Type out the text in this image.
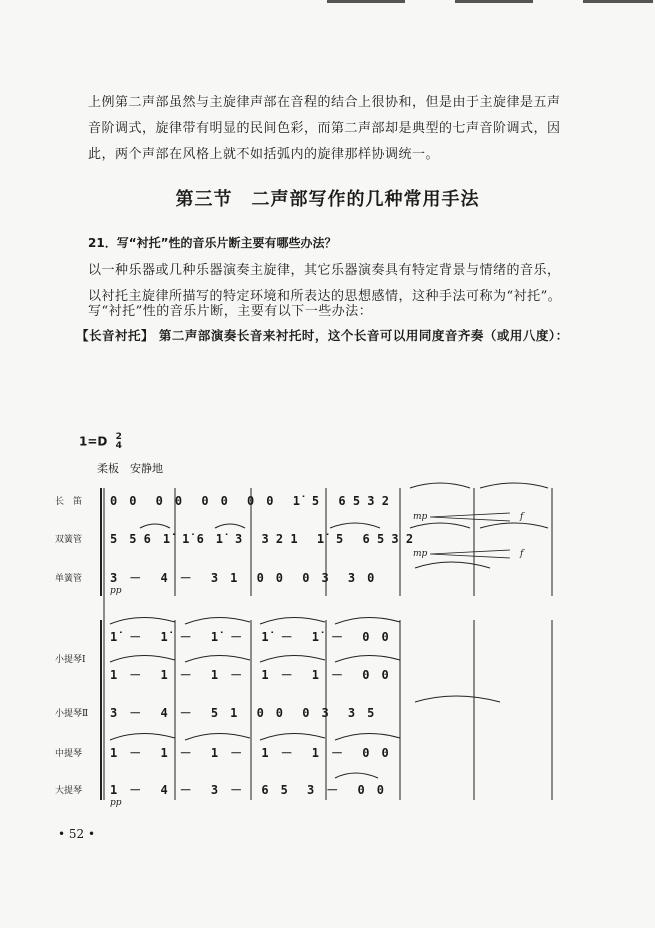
上例第二声部虽然与主旋律声部在音程的结合上很协和，但是由于主旋律是五声音阶调式，旋律带有明显的民间色彩，而第二声部却是典型的七声音阶调式，因此，两个声部在风格上就不如括弧内的旋律那样协调统一。

第三节　二声部写作的几种常用手法
21．写“衬托”性的音乐片断主要有哪些办法？

以一种乐器或几种乐器演奏主旋律，其它乐器演奏具有特定背景与情绪的音乐，以衬托主旋律所描写的特定环境和所表达的思想感情，这种手法可称为“衬托”。

写“衬托”性的音乐片断，主要有以下一些办法：

【长音衬托】 第二声部演奏长音来衬托时，这个长音可以用同度音齐奏（或用八度）：

1=D 2
4
柔板　安静地
长　笛
双簧管
单簧管
小提琴Ⅰ
小提琴Ⅱ
中提琴
大提琴
0　0　 0　0　 0　0　 0　0　 1̇　5　 6 5 3 2
5　5 6　1̇　1̇ 6　1̇　3　 3 2 1　 1̇　5　 6 5 3 2
3　－　 4　－　 3　1　 0　0　 0　3　 3　0
1̇　－　 1̇　－　 1̇　－　 1̇　－　 1̇　－　 0　0
1　－　 1　－　 1　－　 1　－　 1　－　 0　0
3　－　 4　－　 5　1　 0　0　 0　3　 3　5
1　－　 1　－　 1　－　 1　－　 1　－　 0　0
1　－　 4　－　 3　－　 6　5　 3　－　 0　0
mp	f
mp	f
pp
pp
• 52 •
